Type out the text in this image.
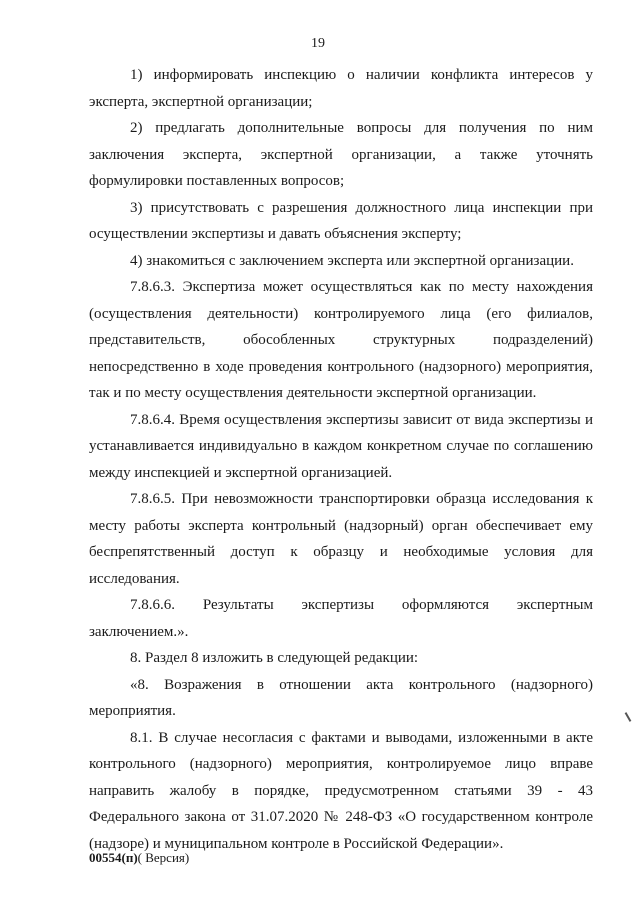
19

1) информировать инспекцию о наличии конфликта интересов у эксперта, экспертной организации;

2) предлагать дополнительные вопросы для получения по ним заключения эксперта, экспертной организации, а также уточнять формулировки поставленных вопросов;

3) присутствовать с разрешения должностного лица инспекции при осуществлении экспертизы и давать объяснения эксперту;

4) знакомиться с заключением эксперта или экспертной организации.

7.8.6.3. Экспертиза может осуществляться как по месту нахождения (осуществления деятельности) контролируемого лица (его филиалов, представительств, обособленных структурных подразделений) непосредственно в ходе проведения контрольного (надзорного) мероприятия, так и по месту осуществления деятельности экспертной организации.

7.8.6.4. Время осуществления экспертизы зависит от вида экспертизы и устанавливается индивидуально в каждом конкретном случае по соглашению между инспекцией и экспертной организацией.

7.8.6.5. При невозможности транспортировки образца исследования к месту работы эксперта контрольный (надзорный) орган обеспечивает ему беспрепятственный доступ к образцу и необходимые условия для исследования.

7.8.6.6. Результаты экспертизы оформляются экспертным заключением.».

8. Раздел 8 изложить в следующей редакции:

«8. Возражения в отношении акта контрольного (надзорного) мероприятия.

8.1. В случае несогласия с фактами и выводами, изложенными в акте контрольного (надзорного) мероприятия, контролируемое лицо вправе направить жалобу в порядке, предусмотренном статьями 39 - 43 Федерального закона от 31.07.2020 № 248-ФЗ «О государственном контроле (надзоре) и муниципальном контроле в Российской Федерации».

00554(п)( Версия)
